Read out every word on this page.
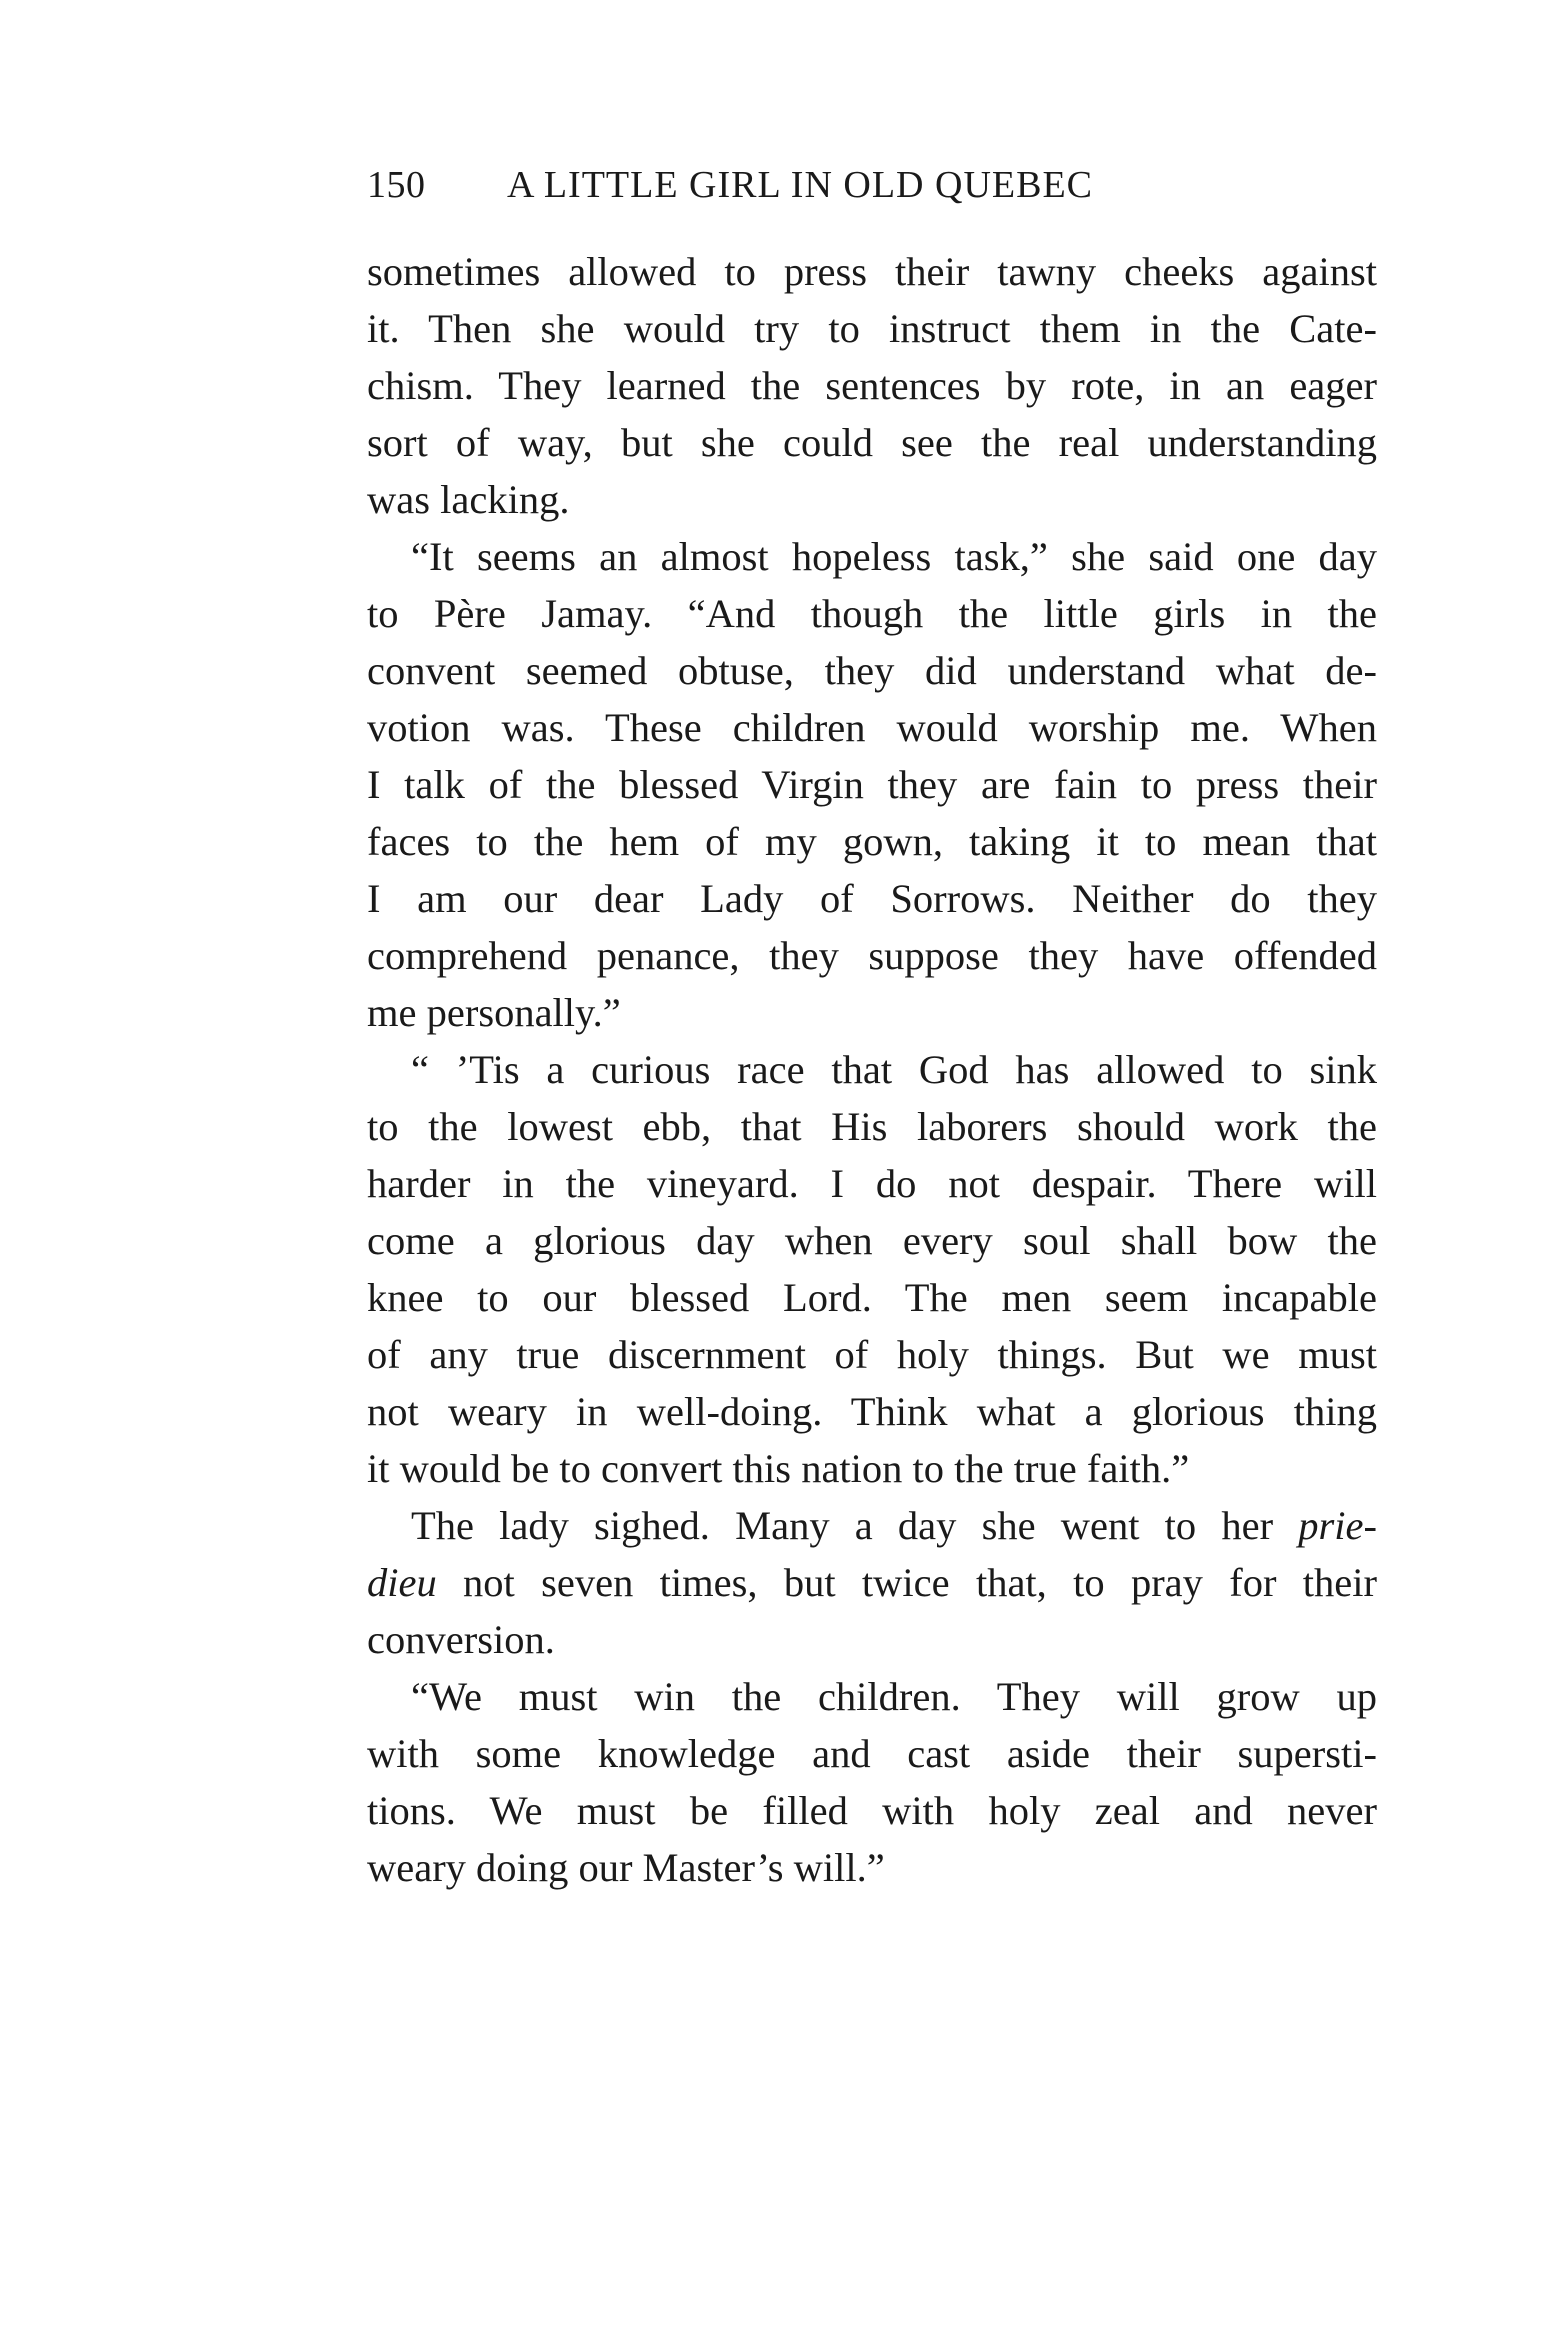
150 A LITTLE GIRL IN OLD QUEBEC
sometimes allowed to press their tawny cheeks against
it. Then she would try to instruct them in the Cate-
chism. They learned the sentences by rote, in an eager
sort of way, but she could see the real understanding
was lacking.
“It seems an almost hopeless task,” she said one day
to Père Jamay. “And though the little girls in the
convent seemed obtuse, they did understand what de-
votion was. These children would worship me. When
I talk of the blessed Virgin they are fain to press their
faces to the hem of my gown, taking it to mean that
I am our dear Lady of Sorrows. Neither do they
comprehend penance, they suppose they have offended
me personally.”
“ ’Tis a curious race that God has allowed to sink
to the lowest ebb, that His laborers should work the
harder in the vineyard. I do not despair. There will
come a glorious day when every soul shall bow the
knee to our blessed Lord. The men seem incapable
of any true discernment of holy things. But we must
not weary in well-doing. Think what a glorious thing
it would be to convert this nation to the true faith.”
The lady sighed. Many a day she went to her prie-
dieu not seven times, but twice that, to pray for their
conversion.
“We must win the children. They will grow up
with some knowledge and cast aside their supersti-
tions. We must be filled with holy zeal and never
weary doing our Master’s will.”
